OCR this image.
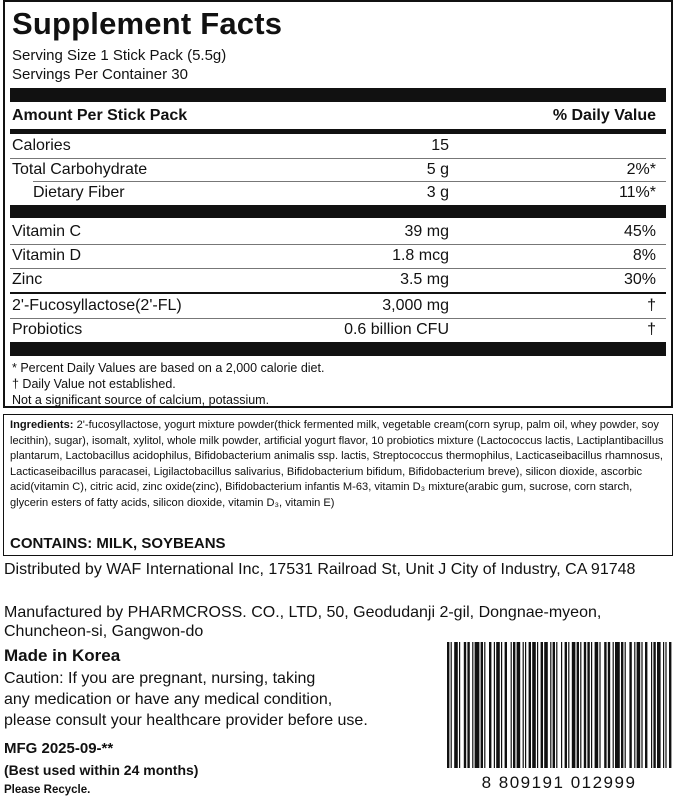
Supplement Facts
Serving Size 1 Stick Pack (5.5g)
Servings Per Container 30
Amount Per Stick Pack	% Daily Value
Calories	15
Total Carbohydrate	5 g	2%*
Dietary Fiber	3 g	11%*
Vitamin C	39 mg	45%
Vitamin D	1.8 mcg	8%
Zinc	3.5 mg	30%
2'-Fucosyllactose(2'-FL)	3,000 mg	†
Probiotics	0.6 billion CFU	†
* Percent Daily Values are based on a 2,000 calorie diet.
† Daily Value not established.
Not a significant source of calcium, potassium.
Ingredients: 2'-fucosyllactose, yogurt mixture powder(thick fermented milk, vegetable cream(corn syrup, palm oil, whey powder, soy lecithin), sugar), isomalt, xylitol, whole milk powder, artificial yogurt flavor, 10 probiotics mixture (Lactococcus lactis, Lactiplantibacillus plantarum, Lactobacillus acidophilus, Bifidobacterium animalis ssp. lactis, Streptococcus thermophilus, Lacticaseibacillus rhamnosus, Lacticaseibacillus paracasei, Ligilactobacillus salivarius, Bifidobacterium bifidum, Bifidobacterium breve), silicon dioxide, ascorbic acid(vitamin C), citric acid, zinc oxide(zinc), Bifidobacterium infantis M-63, vitamin D₃ mixture(arabic gum, sucrose, corn starch, glycerin esters of fatty acids, silicon dioxide, vitamin D₃, vitamin E)
CONTAINS: MILK, SOYBEANS
Distributed by WAF International Inc, 17531 Railroad St, Unit J City of Industry, CA 91748
Manufactured by PHARMCROSS. CO., LTD, 50, Geodudanji 2-gil, Dongnae-myeon, Chuncheon-si, Gangwon-do
Made in Korea
Caution: If you are pregnant, nursing, taking
any medication or have any medical condition,
please consult your healthcare provider before use.
MFG 2025-09-**
(Best used within 24 months)
Please Recycle.	8 809191 012999
